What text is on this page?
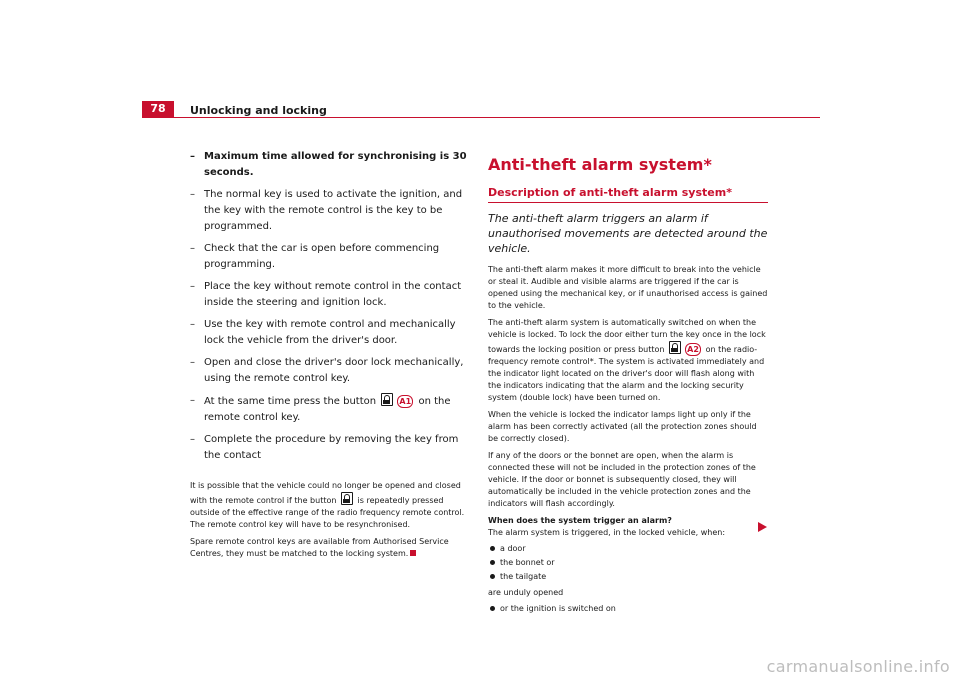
78	Unlocking and locking
– Maximum time allowed for synchronising is 30 seconds.
– The normal key is used to activate the ignition, and the key with the remote control is the key to be programmed.
– Check that the car is open before commencing programming.
– Place the key without remote control in the contact inside the steering and ignition lock.
– Use the key with remote control and mechanically lock the vehicle from the driver's door.
– Open and close the driver's door lock mechanically, using the remote control key.
– At the same time press the button	A1 on the remote control key.
– Complete the procedure by removing the key from the contact

It is possible that the vehicle could no longer be opened and closed with the remote control if the button	is repeatedly pressed outside of the effective range of the radio frequency remote control. The remote control key will have to be resynchronised.

Spare remote control keys are available from Authorised Service Centres, they must be matched to the locking system.

Anti-theft alarm system*
Description of anti-theft alarm system*

The anti-theft alarm triggers an alarm if unauthorised movements are detected around the vehicle.

The anti-theft alarm makes it more difficult to break into the vehicle or steal it. Audible and visible alarms are triggered if the car is opened using the mechanical key, or if unauthorised access is gained to the vehicle.

The anti-theft alarm system is automatically switched on when the vehicle is locked. To lock the door either turn the key once in the lock towards the locking position or press button	A2 on the radio-frequency remote control*. The system is activated immediately and the indicator light located on the driver's door will flash along with the indicators indicating that the alarm and the locking security system (double lock) have been turned on.

When the vehicle is locked the indicator lamps light up only if the alarm has been correctly activated (all the protection zones should be correctly closed).

If any of the doors or the bonnet are open, when the alarm is connected these will not be included in the protection zones of the vehicle. If the door or bonnet is subsequently closed, they will automatically be included in the vehicle protection zones and the indicators will flash accordingly.

When does the system trigger an alarm?

The alarm system is triggered, in the locked vehicle, when:

a door
the bonnet or
the tailgate

are unduly opened

or the ignition is switched on
carmanualsonline.info
